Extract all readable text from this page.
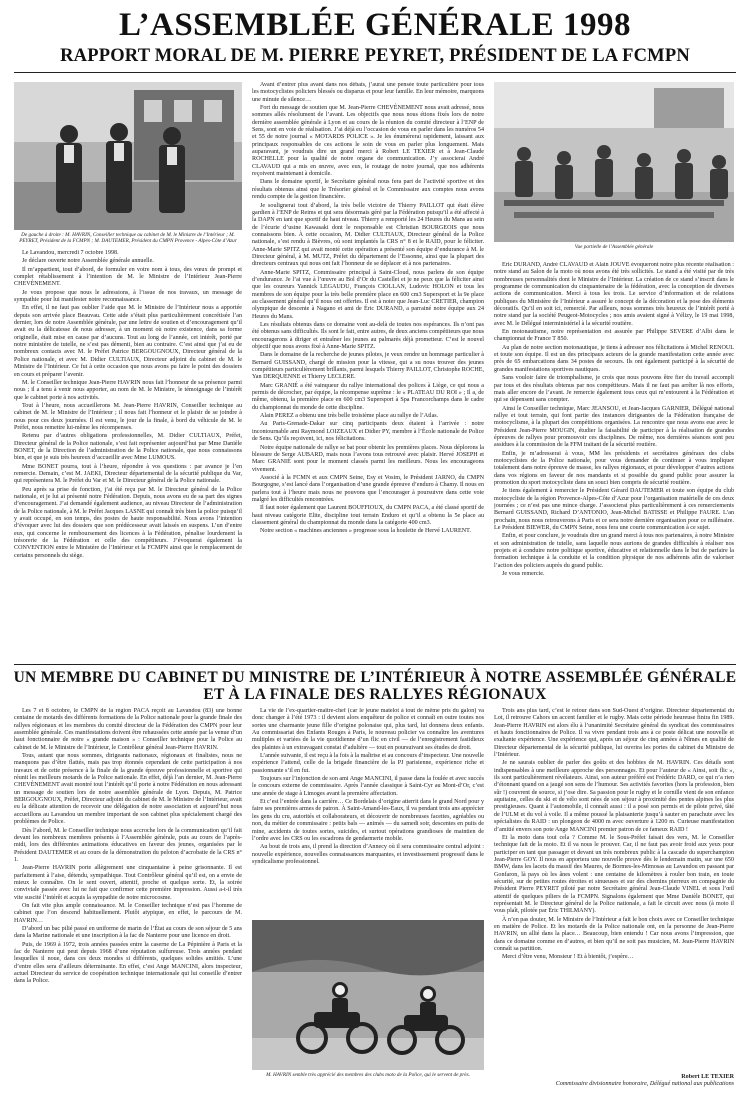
L’ASSEMBLÉE GÉNÉRALE 1998
RAPPORT MORAL DE M. PIERRE PEYRET, PRÉSIDENT DE LA FCMPN
De gauche à droite : M. HAVRIN, Conseiller technique au cabinet de M. le Ministre de l’Intérieur ; M. PEYRET, Président de la FCMPN ; M. DAUTEMER, Président du CMPN Provence - Alpes-Côte d’Azur
Vue partielle de l’Assemblée générale

Le Lavandou, mercredi 7 octobre 1998.

Je déclare ouverte notre Assemblée générale annuelle.

Il m’appartient, tout d’abord, de formuler en votre nom à tous, des vœux de prompt et complet rétablissement à l’intention de M. le Ministre de l’Intérieur Jean-Pierre CHEVÈNEMENT.

Je vous propose que nous le adressions, à l’issue de nos travaux, un message de sympathie pour lui manifester notre reconnaissance.

En effet, il ne faut pas oublier l’aide que M. le Ministre de l’Intérieur nous a apportée depuis son arrivée place Beauvau. Cette aide s’était plus particulièrement concrétisée l’an dernier, lors de notre Assemblée générale, par une lettre de soutien et d’encouragement qu’il avait eu la délicatesse de nous adresser, à un moment où notre existence, dans sa forme originelle, était mise en cause par d’aucuns. Tout au long de l’année, cet intérêt, porté par notre ministère de tutelle, ne s’est pas démenti, bien au contraire. C’est ainsi que j’ai eu de nombreux contacts avec M. le Préfet Patrice BERGOUGNOUX, Directeur général de la Police nationale, et avec M. Didier CULTIAUX, Directeur adjoint du cabinet de M. le Ministre de l’Intérieur. Ce fut à cette occasion que nous avons pu faire le point des dossiers en cours et préparer l’avenir.

M. le Conseiller technique Jean-Pierre HAVRIN nous fait l’honneur de sa présence parmi nous ; il a tenu à venir nous apporter, au nom de M. le Ministre, le témoignage de l’intérêt que le cabinet porte à nos activités.

Tout à l’heure, nous accueillerons M. Jean-Pierre HAVRIN, Conseiller technique au cabinet de M. le Ministre de l’Intérieur ; il nous fait l’honneur et le plaisir de se joindre à nous pour ces deux journées. Il est venu, le jour de la finale, à bord du véhicule de M. le Préfet, nous remettre lui-même les récompenses.

Retenu par d’autres obligations professionnelles, M. Didier CULTIAUX, Préfet, Directeur général de la Police nationale, s’est fait représenter aujourd’hui par Mme Danièle BONET, de la Direction de l’administration de la Police nationale, que nous connaissons bien, et que je suis très heureux d’accueillir avec Mme LUMOUS.

Mme BONET pourra, tout à l’heure, répondre à vos questions : par avance je l’en remercie. Demain, c’est M. JAEKI, Directeur départemental de la sécurité publique du Var, qui représentera M. le Préfet du Var et M. le Directeur général de la Police nationale.

Peu après sa prise de fonction, j’ai été reçu par M. le Directeur général de la Police nationale, et je lui ai présenté notre Fédération. Depuis, nous avons eu de sa part des signes d’encouragement. J’ai demandé également audience, au niveau Directeur de l’administration de la Police nationale, à M. le Préfet Jacques LASNE qui connaît très bien la police puisqu’il y avait occupé, en son temps, des postes de haute responsabilité. Nous avons l’intention d’évoquer avec lui des dossiers que son prédécesseur avait laissés en suspens. L’un d’entre eux, qui concerne le remboursement des licences à la Fédération, pénalise lourdement la trésorerie de la Fédération et celle des compétiteurs. J’évoquerai également la CONVENTION entre le Ministère de l’Intérieur et la FCMPN ainsi que le remplacement de certains personnels du siège.

Avant d’entrer plus avant dans nos débats, j’aurai une pensée toute particulière pour tous les motocyclistes policiers blessés ou disparus et pour leur famille. En leur mémoire, marquons une minute de silence…

Fort du message de soutien que M. Jean-Pierre CHEVÈNEMENT nous avait adressé, nous sommes allés résolument de l’avant. Les objectifs que nous nous étions fixés lors de notre dernière assemblée générale à Lyon et au cours de la réunion du comité directeur à l’ENP de Sens, sont en voie de réalisation. J’ai déjà eu l’occasion de vous en parler dans les numéros 54 et 55 de notre journal « MOTARDS POLICE ». Je les énumérerai rapidement, laissant aux principaux responsables de ces actions le soin de vous en parler plus longuement. Mais auparavant, je voudrais dire un grand merci à Robert LE TEXIER et à Jean-Claude ROCHELLE pour la qualité de notre organe de communication. J’y associerai André CLAVAUD qui a mis en œuvre, avec eux, le routage de notre journal, que nos adhérents reçoivent maintenant à domicile.

Dans le domaine sportif, le Secrétaire général nous fera part de l’activité sportive et des résultats obtenus ainsi que le Trésorier général et le Commissaire aux comptes nous avons rendu compte de la gestion financière.

Je soulignerai tout d’abord, la très belle victoire de Thierry PAILLOT qui était élève gardien à l’ENP de Reims et qui sera désormais géré par la Fédération puisqu’il a été affecté à la DAPN en tant que sportif de haut niveau. Thierry a remporté les 24 Heures du Mans au sein de l’écurie d’usine Kawasaki dont le responsable est Christian BOURGEOIS que nous connaissons bien. À cette occasion, M. Didier CULTIAUX, Directeur général de la Police nationale, s’est rendu à Bièvres, où sont implantés la CRS n° 8 et le RAID, pour le féliciter. Anne-Marie SPITZ qui avait monté cette opération a présenté son équipe d’endurance à M. le Directeur général, à M. MUTZ, Préfet du département de l’Essonne, ainsi que la plupart des directeurs centraux qui nous ont fait l’honneur de se déplacer et à nos partenaires.

Anne-Marie SPITZ, Commissaire principal à Saint-Cloud, nous parlera de son équipe d’endurance. Je l’ai vue à l’œuvre au Bol d’Or du Castellet et je ne peux que la féliciter ainsi que les coureurs Yannick LEGAUDU, François CIOLLAN, Ludovic HOLON et tous les membres de son équipe pour la très belle première place en 600 cm3 Supersport et la 9e place au classement général qu’il nous ont offertes. Il est à noter que Jean-Luc CRETIER, champion olympique de descente à Nagano et ami de Éric DURAND, a parrainé notre équipe aux 24 Heures du Mans.

Les résultats obtenus dans ce domaine vont au-delà de toutes nos espérances. Ils n’ont pas été obtenus sans difficultés. Ils sont le fait, entre autres, de deux anciens compétiteurs que nous encouragerons à diriger et entraîner les jeunes au palmarès déjà prometteur. C’est le nouvel objectif que nous avons fixé à Anne-Marie SPITZ.

Dans le domaine de la recherche de jeunes pilotes, je veux rendre un hommage particulier à Bernard GUISSAND, chargé de mission pour la vitesse, qui a su nous trouver des jeunes compétiteurs particulièrement brillants, parmi lesquels Thierry PAILLOT, Christophe ROCHE, Yan DERQUENNE et Thierry LECLERE.

Marc GRANIÉ a été vainqueur du rallye international des polices à Liège, ce qui nous a permis de décrocher, par équipe, la récompense suprême : le « PLATEAU DU ROI » ; Il a, de même, obtenu, la première place en 600 cm3 Supersport à Spa Francorchamps dans le cadre du championnat du monde de cette discipline.

Alain PEREZ a obtenu une très belle troisième place au rallye de l’Atlas.

Au Paris-Grenade-Dakar sur cinq participants deux étaient à l’arrivée : notre incontournable ami Raymond LOIZEAUX et Didier PY, membre à l’École nationale de Police de Sens. Qu’ils reçoivent, ici, nos félicitations.

Notre équipe nationale de rallye se bat pour obtenir les premières places. Nous déplorons la blessure de Serge AUBARD, mais nous l’avons tous retrouvé avec plaisir. Hervé JOSEPH et Marc GRANIÉ sont pour le moment classés parmi les meilleurs. Nous les encourageons vivement.

Associé à la FCMN et aux CMPN Seine, Esy et Vosim, le Président JARNO, du CMPN Bourgogne, s’est lancé dans l’organisation d’une grande épreuve d’enduro à Chamy. Il nous en parlera tout à l’heure mais nous ne pouvons que l’encourager à poursuivre dans cette voie malgré les difficultés rencontrées.

Il faut noter également que Laurent BOUFFIOUX, du CMPN PACA, a été classé sportif de haut niveau catégorie Elite, discipline tout terrain Enduro et qu’il a obtenu la 5e place au classement général du championnat du monde dans la catégorie 400 cm3.

Notre section « machines anciennes » progresse sous la houlette de Hervé LAURENT.

Éric DURAND, André CLAVAUD et Alain JOUVE évoqueront notre plus récente réalisation : notre stand au Salon de la moto où nous avons été très sollicités. Le stand a été visité par de très nombreuses personnalités dont le Ministre de l’Intérieur. La création de ce stand s’inscrit dans le programme de communication du cinquantenaire de la fédération, avec la conception de diverses actions de communication. Merci à tous les trois. Le service d’information et de relations publiques du Ministère de l’Intérieur a assuré le concept de la décoration et la pose des éléments décoratifs. Qu’il en soit ici, remercié. Par ailleurs, nous sommes très heureux de l’intérêt porté à notre stand par la société Peugeot-Motocycles ; nos amis avaient signé à Vélizy, le 19 mai 1998, avec M. le Délégué interministériel à la sécurité routière.

En motonautisme, notre représentation est assurée par Philippe SEVERE d’Albi dans le championnat de France T 850.

Au plan de notre section motonautique, je tiens à adresser nos félicitations à Michel RENOUL et toute son équipe. Il est un des principaux acteurs de la grande manifestation cette année avec près de 65 embarcations dans 34 postes de secours. Ils ont également participé à la sécurité de grandes manifestations sportives nautiques.

Sans vouloir faire de triomphalisme, je crois que nous pouvons être fier du travail accompli par tous et des résultats obtenus par nos compétiteurs. Mais il ne faut pas arrêter là nos efforts, mais aller encore de l’avant. Je remercie également tous ceux qui m’entourent à la Fédération et qui se dépensent sans compter.

Ainsi le Conseiller technique, Marc JEANSOU, et Jean-Jacques GARNIER, Délégué national rallye et tout terrain, qui font partie des instances dirigeantes de la Fédération française de motocyclisme, à la plupart des compétitions organisées. La rencontre que nous avons eue avec le Président Jean-Pierre MOUGIN, étudier la faisabilité de participer à la réalisation de grandes épreuves de rallyes pour promouvoir ces disciplines. De même, nos dernières séances sont peu assidues à la commission de la FFM traitant de la sécurité routière.

Enfin, je m’adresserai à vous, MM les présidents et secrétaires généraux des clubs motocyclistes de la Police nationale, pour vous demander de continuer à vous impliquer totalement dans notre épreuve de masse, les rallyes régionaux, et pour développer d’autres actions dans vos régions en faveur de nos mandants et si possible du grand public pour assurer la promotion du sport motocycliste dans un souci bien compris de sécurité routière.

Je tiens également à remercier le Président Gérard DAUTEMER et toute son équipe du club motocycliste de la région Provence-Alpes-Côte d’Azur pour l’organisation matérielle de ces deux journées ; ce n’est pas une mince charge. J’associerai plus particulièrement à ces remerciements Bernard GUISSAND, Richard D’ANTONIO, Jean-Michel BATISSE et Philippe FAURE. L’an prochain, nous nous retrouverons à Paris et ce sera notre dernière organisation pour ce millénaire. Le Président BIEWER, du CMPN Seine, nous fera une courte communication à ce sujet.

Enfin, et pour conclure, je voudrais dire un grand merci à tous nos partenaires, à notre Ministre et son administration de tutelle, sans laquelle nous aurions de grandes difficultés à réaliser nos projets et à conduire notre politique sportive, éducative et relationnelle dans le but de parfaire la formation technique à la conduite et la condition physique de nos adhérents afin de valoriser l’action des policiers auprès du grand public.

Je vous remercie.

UN MEMBRE DU CABINET DU MINISTRE DE L’INTÉRIEUR À NOTRE ASSEMBLÉE GÉNÉRALE
ET À LA FINALE DES RALLYES RÉGIONAUX

Les 7 et 8 octobre, le CMPN de la région PACA reçoit au Lavandou (83) une bonne centaine de motards des différents formations de la Police nationale pour la grande finale des rallyes régionaux et les membres du comité directeur de la Fédération des CMPN pour leur assemblée générale. Ces manifestations doivent être rehaussées cette année par la venue d’un haut fonctionnaire de notre « grande maison » : Conseiller technique pour la Police au cabinet de M. le Ministre de l’Intérieur, le Contrôleur général Jean-Pierre HAVRIN.

Tous, autant que nous sommes, dirigeants nationaux, régionaux et finalistes, nous ne manquons pas d’être flattés, mais pas trop étonnés cependant de cette participation à nos travaux et de cette présence à la finale de la grande épreuve professionnelle et sportive qui réunit les meilleurs motards de la Police nationale. En effet, déjà l’an dernier, M. Jean-Pierre CHEVÈNEMENT avait montré tout l’intérêt qu’il porte à notre Fédération en nous adressant un message de soutien lors de notre assemblée générale de Lyon. Depuis, M. Patrice BERGOUGNOUX, Préfet, Directeur adjoint du cabinet de M. le Ministre de l’Intérieur, avait eu la délicate attention de recevoir une délégation de notre association et aujourd’hui nous accueillons au Lavandou un membre important de son cabinet plus spécialement chargé des problèmes de Police.

Dès l’abord, M. le Conseiller technique nous accroche lors de la communication qu’il fait devant les nombreux membres présents à l’Assemblée générale, puis au cours de l’après-midi, lors des différentes animations éducatives en faveur des jeunes, organisées par le Président DAUTEMER et au cours de la démonstration du peloton d’acrobatie de la CRS n° 1.

Jean-Pierre HAVRIN porte allègrement une cinquantaine à peine grisonnante. Il est parfaitement à l’aise, détendu, sympathique. Tout Contrôleur général qu’il est, on a envie de mieux le connaître. On le sent ouvert, attentif, proche et quelque sorte. Et, la soirée conviviale passée avec lui ne fait que confirmer cette première impression. Aussi a-t-il très vite suscité l’intérêt et acquis la sympathie de notre microcosme.

On fait vite plus ample connaissance. M. le Conseiller technique n’est pas l’homme de cabinet que l’on descend habituellement. Plutôt atypique, en effet, le parcours de M. HAVRIN…

D’abord un bac pilié passé en uniforme de marin de l’État au cours de son séjour de 5 ans dans la Marine nationale et une inscription à la fac de Nanterre pour une licence en droit.

Puis, de 1969 à 1972, trois années passées entre la caserne de La Pépinière à Paris et la fac de Nanterre qui peut depuis 1968 d’une réputation sulfureuse. Trois années pendant lesquelles il noue, dans ces deux mondes si différents, quelques solides amitiés. L’une d’entre elles sera d’ailleurs déterminante. En effet, c’est Ange MANCINI, alors inspecteur, actuel Directeur du service de coopération technique internationale qui lui conseille d’entrer dans la Police.

La vie de l’ex-quartier-maître-chef (car le jeune matelot à tout de même pris du galon) va donc changer à l’été 1973 : il devient alors enquêteur de police et connaît en outre toutes nos sortes une charmante jeune fille d’origine polonaise qui, plus tard, lui donnera deux enfants. Au commissariat des Enfants Rouges à Paris, le nouveau policier va connaître les aventures multiples et variées de la vie quotidienne d’un flic en civil — de l’enregistrement fastidieux des plaintes à un extravagant constat d’adultère — tout en poursuivant ses études de droit.

L’année suivante, il est reçu à la fois à la maîtrise et au concours d’inspecteur. Une nouvelle expérience l’attend, celle de la brigade financière de la PJ parisienne, expérience riche et passionnante s’il en fut.

Toujours sur l’injonction de son ami Ange MANCINI, il passe dans la foulée et avec succès le concours externe de commissaire. Après l’année classique à Saint-Cyr au Mont-d’Or, c’est une année de stage à Limoges avant la première affectation.

Et c’est l’entrée dans la carrière… Ce Bordelais d’origine atterrit dans le grand Nord pour y faire ses premières armes de patron. À Saint-Amand-les-Eaux, il va pendant trois ans apprécier les gens du cru, autorités et collaborateurs, et découvrir de nombreuses facettes, agréables ou non, du métier de commissaire : petits bals — animés — du samedi soir, descentes en puits de mine, accidents de toutes sortes, suicides, et surtout opérations grandioses de maintien de l’ordre avec les CRS ou les escadrons de gendarmerie mobile.

Au bout de trois ans, il prend la direction d’Annecy où il sera commissaire central adjoint : nouvelle expérience, nouvelles connaissances marquantes, et investissement progressif dans le syndicalisme professionnel.

M. HAVRIN semble très apprécié des membres des clubs moto de la Police, qui le servent de près.

Trois ans plus tard, c’est le retour dans son Sud-Ouest d’origine. Directeur départemental du Lot, il retrouve Cahors un accent familier et le rugby. Mais cette période heureuse finira fin 1989. Jean-Pierre HAVRIN est alors élu à l’unanimité Secrétaire général du syndicat des commissaires et hauts fonctionnaires de Police. Il va vivre pendant trois ans à ce poste délicat une nouvelle et exaltante expérience. Une expérience qui, après un séjour de cinq années à Nîmes en qualité de Directeur départemental de la sécurité publique, lui ouvrira les portes du cabinet du Ministre de l’Intérieur.

Je ne saurais oublier de parler des goûts et des hobbies de M. HAVRIN. Ces détails sont indispensables à une meilleure approche des personnages. Et pour l’auteur de « Ainsi, soit flic », ils sont particulièrement révélateurs. Ainsi, son auteur préféré est Frédéric DARD, ce qui n’a rien d’étonnant quand on a jaugé son sens de l’humour. Ses activités favorites (hors la profession, bien sûr !) couvrent de source, si j’ose dire. Sa passion pour le rugby et le cornille vient de son enfance aquitaine, celles du ski et de vélo sont nées de son séjour à proximité des pentes alpines les plus prestigieuses. Quant à l’automobile, il connaît aussi : il a posé son permis et de pilote privé, tâté de l’ULM et du vol à voile. Il a même poussé la plaisanterie jusqu’à sauter en parachute avec les spécialistes du RAID : un plongeon de 4000 m avec ouverture à 1200 m. Curieuse manifestation d’amitié envers son pote Ange MANCINI premier patron de ce fameux RAID !

Et la moto dans tout cela ? Comme M. le Sous-Préfet faisait des vers, M. le Conseiller technique fait de la moto. Et il va nous le prouver. Car, il ne faut pas avoir froid aux yeux pour participer en tant que passager et devant un très nombreux public à la cascade du superchampion Jean-Pierre GOY. Il nous en apportera une nouvelle preuve dès le lendemain matin, sur une 650 BMW, dans les lacets du massif des Maures, de Bormes-les-Mimosas au Lavandou en passant par Gonfaron, là pays où les ânes volent : une centaine de kilomètres à rouler bon train, en toute sécurité, sur de petites routes étroites et sinueuses et sur des chemins pierreux en compagnie du Président Pierre PEYRET piloté par notre Secrétaire général Jean-Claude VINEL et sous l’œil attentif de quelques piliers de la FCMPN. Signalons également que Mme Danièle BONET, qui représentait M. le Directeur général de la Police nationale, a fait le circuit avec nous (à moto il vous plaît, pilotée par Éric THILMANY).

À n’en pas douter, M. le Ministre de l’Intérieur a fait le bon choix avec ce Conseiller technique en matière de Police. Et les motards de la Police nationale ont, en la personne de Jean-Pierre HAVRIN, un allié dans la place… Beaucoup, bien entendu ! Car nous avons l’impression, que dans ce domaine comme en d’autres, et bien qu’il ne soit pas musicien, M. Jean-Pierre HAVRIN connaît sa partition.

Merci d’être venu, Monsieur ! Et à bientôt, j’espère…

Robert LE TEXIER
Commissaire divisionnaire honoraire, Délégué national aux publications
